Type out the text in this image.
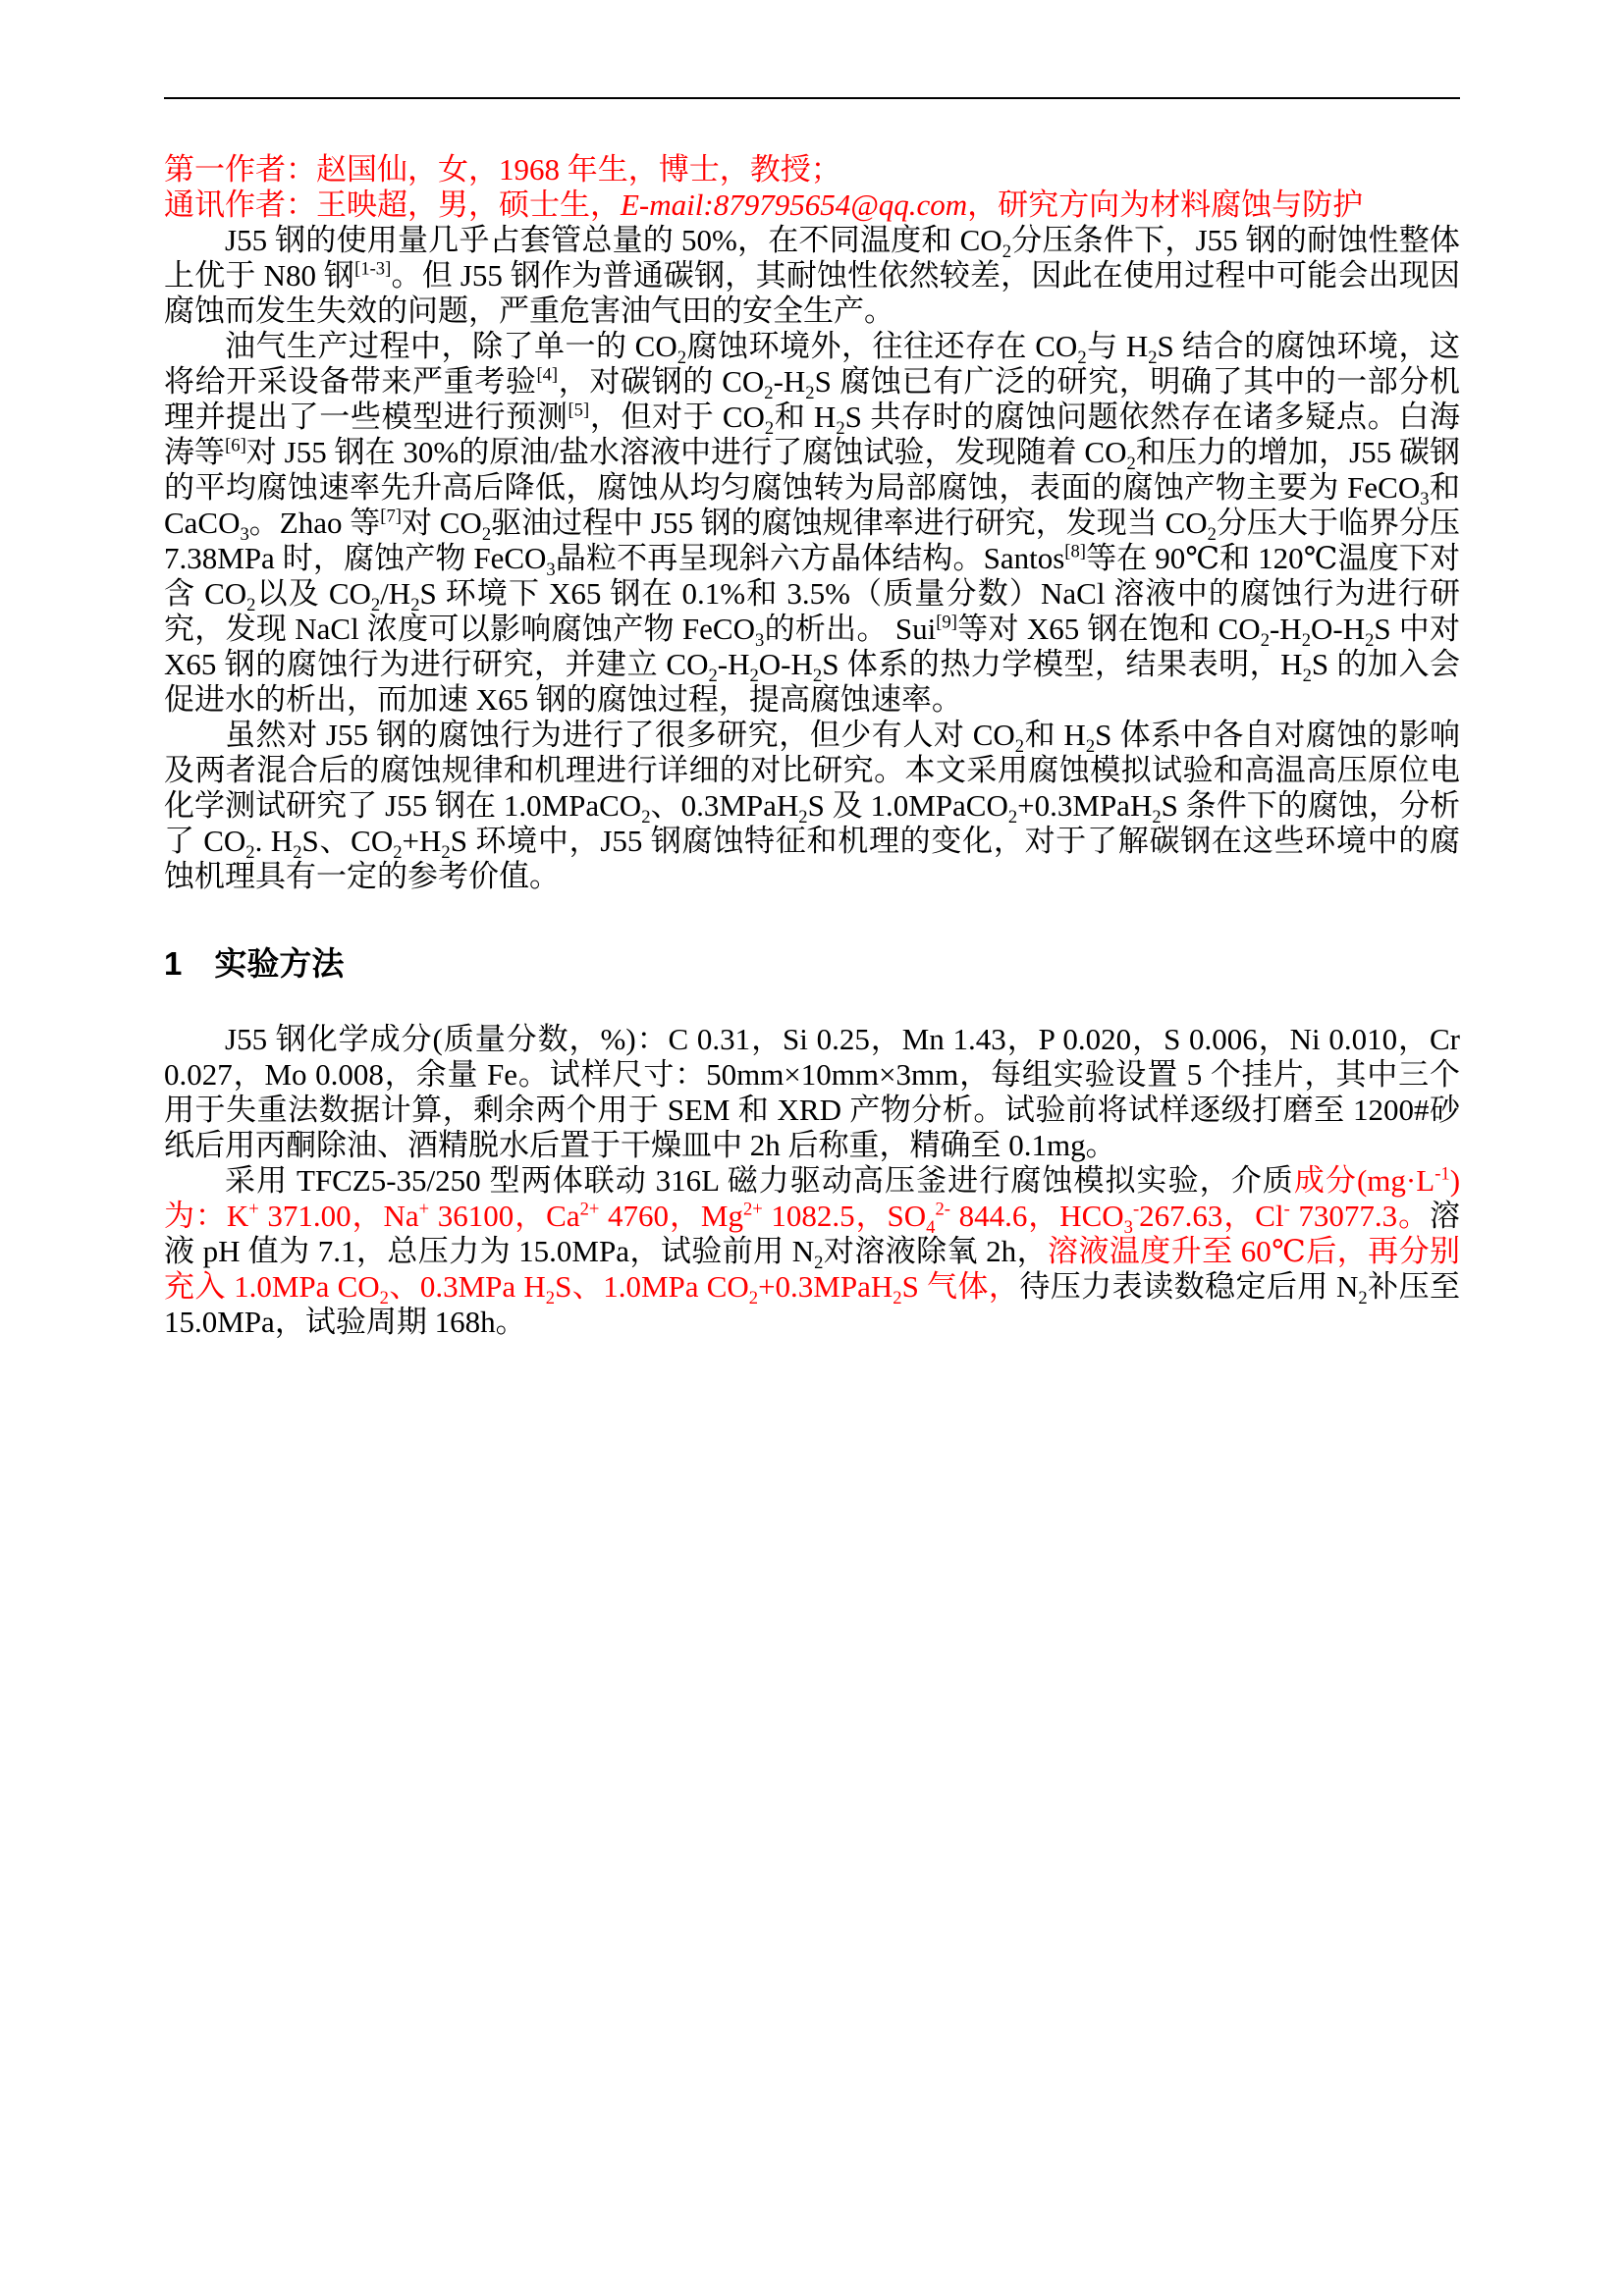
第一作者：赵国仙，女，1968 年生，博士，教授；

通讯作者：王映超，男，硕士生，E-mail:879795654@qq.com，研究方向为材料腐蚀与防护

J55 钢的使用量几乎占套管总量的 50%，在不同温度和 $CO_2$分压条件下，J55 钢的耐蚀性整体上优于 N80 钢[1-3]。但 J55 钢作为普通碳钢，其耐蚀性依然较差，因此在使用过程中可能会出现因腐蚀而发生失效的问题，严重危害油气田的安全生产。

油气生产过程中，除了单一的 $CO_2$腐蚀环境外，往往还存在 $CO_2$与 $H_2S$ 结合的腐蚀环境，这将给开采设备带来严重考验[4]，对碳钢的 $CO_2-H_2S$ 腐蚀已有广泛的研究，明确了其中的一部分机理并提出了一些模型进行预测[5]，但对于 $CO_2$和 $H_2S$ 共存时的腐蚀问题依然存在诸多疑点。白海涛等[6]对 J55 钢在 30%的原油/盐水溶液中进行了腐蚀试验，发现随着 $CO_2$和压力的增加，J55 碳钢的平均腐蚀速率先升高后降低，腐蚀从均匀腐蚀转为局部腐蚀，表面的腐蚀产物主要为 FeCO$_3$和 CaCO$_3$。Zhao 等[7]对 $CO_2$驱油过程中 J55 钢的腐蚀规律率进行研究，发现当 $CO_2$分压大于临界分压 7.38MPa 时，腐蚀产物 FeCO$_3$晶粒不再呈现斜六方晶体结构。Santos[8]等在 90℃和 120℃温度下对含 $CO_2$以及 $CO_2/H_2S$ 环境下 X65 钢在 0.1%和 3.5%（质量分数）NaCl 溶液中的腐蚀行为进行研究，发现 NaCl 浓度可以影响腐蚀产物 FeCO$_3$的析出。 Sui[9]等对 X65 钢在饱和 $CO_2-H_2O-H_2S$ 中对 X65 钢的腐蚀行为进行研究，并建立 $CO_2-H_2O-H_2S$ 体系的热力学模型，结果表明，$H_2S$ 的加入会促进水的析出，而加速 X65 钢的腐蚀过程，提高腐蚀速率。

虽然对 J55 钢的腐蚀行为进行了很多研究，但少有人对 $CO_2$和 $H_2S$ 体系中各自对腐蚀的影响及两者混合后的腐蚀规律和机理进行详细的对比研究。本文采用腐蚀模拟试验和高温高压原位电化学测试研究了 J55 钢在 1.0MPaCO$_2$、0.3MPaH$_2$S 及 1.0MPaCO$_2$+0.3MPaH$_2$S 条件下的腐蚀，分析了 $CO_2$. $H_2S$、$CO_2+H_2S$ 环境中，J55 钢腐蚀特征和机理的变化，对于了解碳钢在这些环境中的腐蚀机理具有一定的参考价值。

1　实验方法

J55 钢化学成分(质量分数，%)：C 0.31，Si 0.25，Mn 1.43，P 0.020，S 0.006，Ni 0.010，Cr 0.027，Mo 0.008，余量 Fe。试样尺寸：50mm×10mm×3mm，每组实验设置 5 个挂片，其中三个用于失重法数据计算，剩余两个用于 SEM 和 XRD 产物分析。试验前将试样逐级打磨至 1200#砂纸后用丙酮除油、酒精脱水后置于干燥皿中 2h 后称重，精确至 0.1mg。

采用 TFCZ5-35/250 型两体联动 316L 磁力驱动高压釜进行腐蚀模拟实验，介质成分$(mg\cdot L^{-1})$为：K+ 371.00，Na+ 36100，$Ca^{2+}$ 4760，$Mg^{2+}$ 1082.5，$SO_4^{2-}$ 844.6，$HCO_3^-267.63$，Cl- 73077.3。溶液 pH 值为 7.1，总压力为 15.0MPa，试验前用 $N_2$对溶液除氧 2h，溶液温度升至 60℃后，再分别充入 1.0MPa $CO_2$、0.3MPa $H_2S$、1.0MPa $CO_2+0.3MPaH_2S$ 气体，待压力表读数稳定后用 $N_2$补压至 15.0MPa，试验周期 168h。
